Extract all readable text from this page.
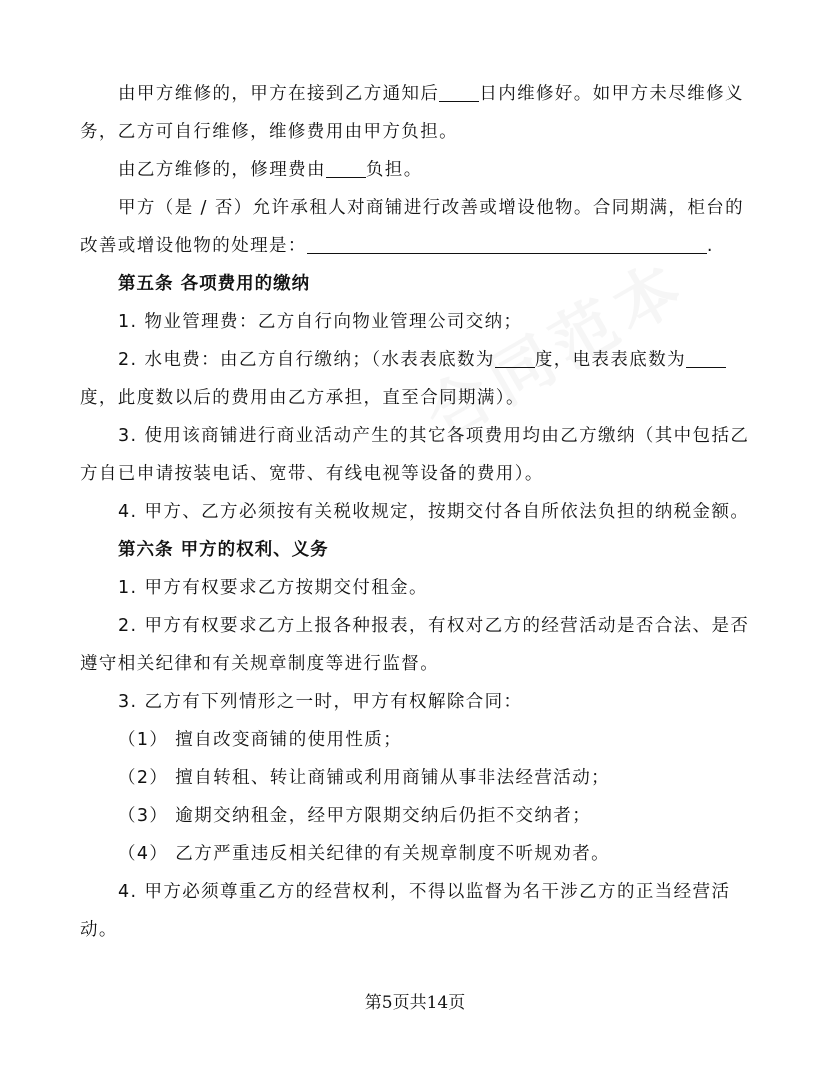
由甲方维修的，甲方在接到乙方通知后 日内维修好。如甲方未尽维修义
务，乙方可自行维修，维修费用由甲方负担。
由乙方维修的，修理费由 负担。
甲方（是 / 否）允许承租人对商铺进行改善或增设他物。合同期满，柜台的
改善或增设他物的处理是：	.
第五条 各项费用的缴纳
1. 物业管理费：乙方自行向物业管理公司交纳；
2. 水电费：由乙方自行缴纳；（水表表底数为 度，电表表底数为
度，此度数以后的费用由乙方承担，直至合同期满）。
3. 使用该商铺进行商业活动产生的其它各项费用均由乙方缴纳（其中包括乙
方自已申请按装电话、宽带、有线电视等设备的费用）。
4. 甲方、乙方必须按有关税收规定，按期交付各自所依法负担的纳税金额。
第六条 甲方的权利、义务
1. 甲方有权要求乙方按期交付租金。
2. 甲方有权要求乙方上报各种报表，有权对乙方的经营活动是否合法、是否
遵守相关纪律和有关规章制度等进行监督。
3. 乙方有下列情形之一时，甲方有权解除合同：
（1） 擅自改变商铺的使用性质；
（2） 擅自转租、转让商铺或利用商铺从事非法经营活动；
（3） 逾期交纳租金，经甲方限期交纳后仍拒不交纳者；
（4） 乙方严重违反相关纪律的有关规章制度不听规劝者。
4. 甲方必须尊重乙方的经营权利，不得以监督为名干涉乙方的正当经营活
动。
第5页共14页
